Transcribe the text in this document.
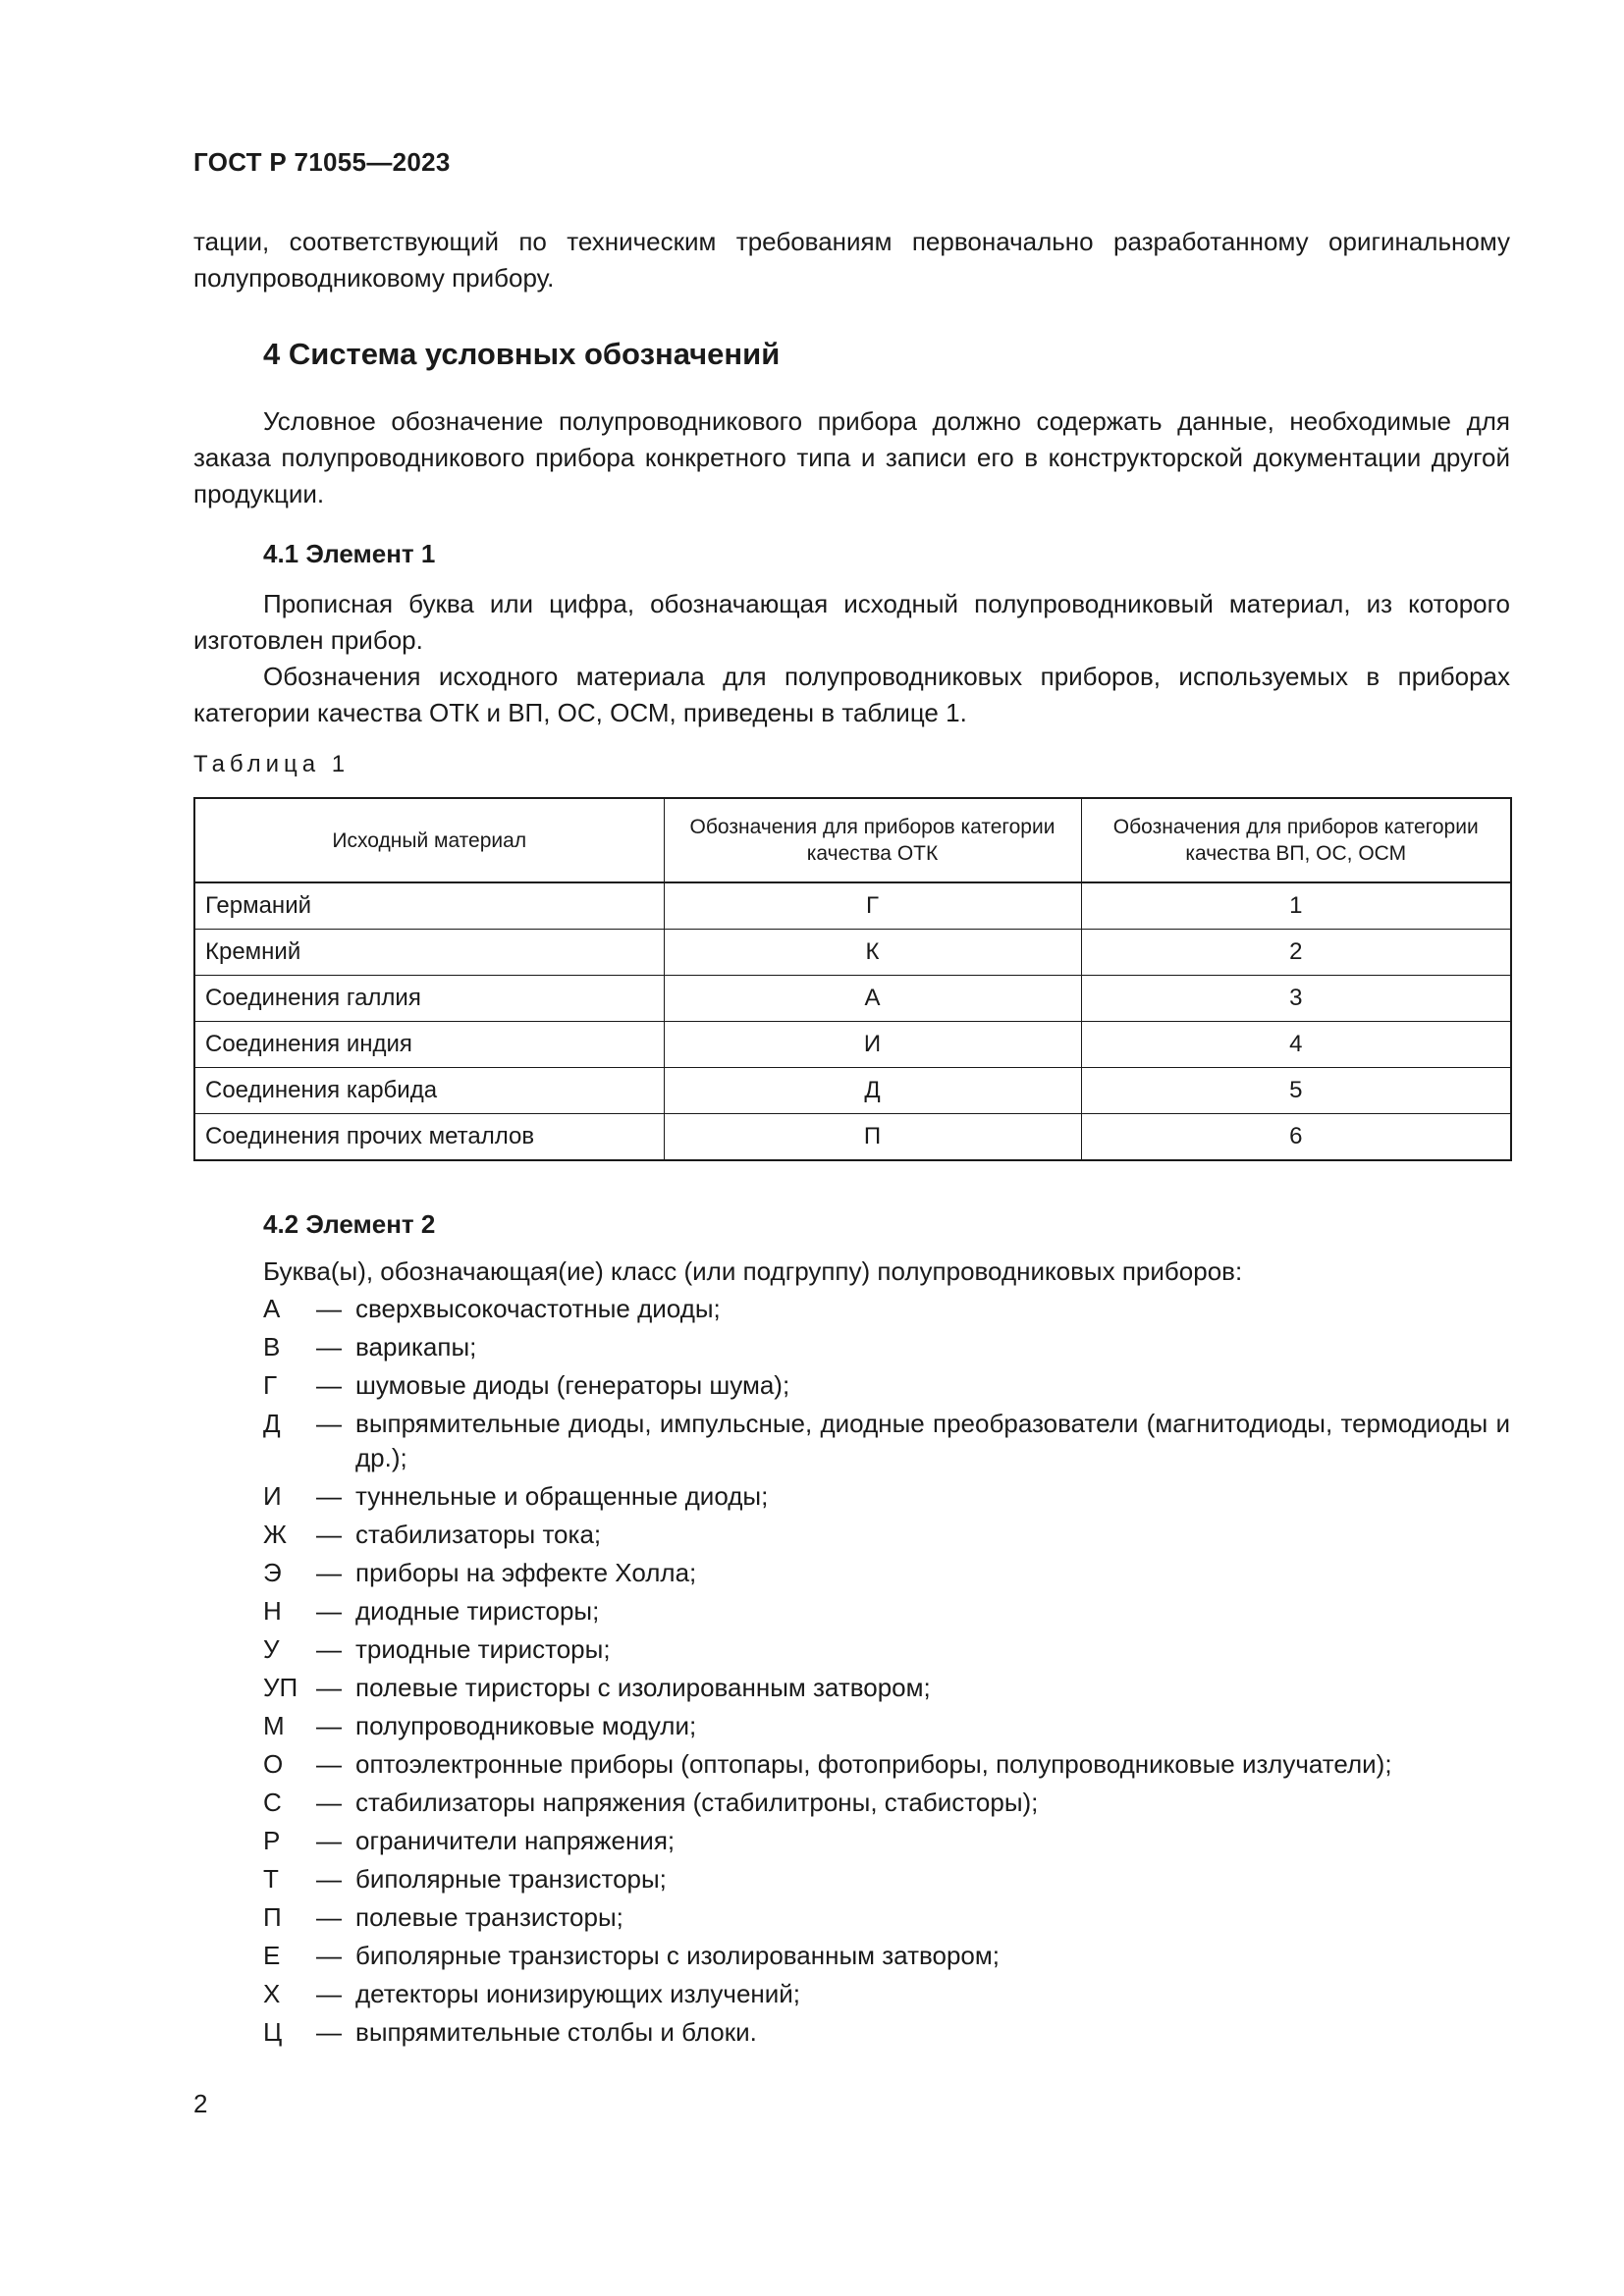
ГОСТ Р 71055—2023
тации, соответствующий по техническим требованиям первоначально разработанному оригинальному полупроводниковому прибору.
4 Система условных обозначений
Условное обозначение полупроводникового прибора должно содержать данные, необходимые для заказа полупроводникового прибора конкретного типа и записи его в конструкторской документации другой продукции.
4.1 Элемент 1
Прописная буква или цифра, обозначающая исходный полупроводниковый материал, из которого изготовлен прибор.
Обозначения исходного материала для полупроводниковых приборов, используемых в приборах категории качества ОТК и ВП, ОС, ОСМ, приведены в таблице 1.
Таблица 1
Исходный материал	Обозначения для приборов категории качества ОТК	Обозначения для приборов категории качества ВП, ОС, ОСМ
Германий	Г	1
Кремний	К	2
Соединения галлия	А	3
Соединения индия	И	4
Соединения карбида	Д	5
Соединения прочих металлов	П	6
4.2 Элемент 2
Буква(ы), обозначающая(ие) класс (или подгруппу) полупроводниковых приборов:
А	— сверхвысокочастотные диоды;
В	— варикапы;
Г	— шумовые диоды (генераторы шума);
Д	— выпрямительные диоды, импульсные, диодные преобразователи (магнитодиоды, термодиоды и др.);
И	— туннельные и обращенные диоды;
Ж	— стабилизаторы тока;
Э	— приборы на эффекте Холла;
Н	— диодные тиристоры;
У	— триодные тиристоры;
УП — полевые тиристоры с изолированным затвором;
М	— полупроводниковые модули;
О	— оптоэлектронные приборы (оптопары, фотоприборы, полупроводниковые излучатели);
С	— стабилизаторы напряжения (стабилитроны, стабисторы);
Р	— ограничители напряжения;
Т	— биполярные транзисторы;
П	— полевые транзисторы;
Е	— биполярные транзисторы с изолированным затвором;
Х	— детекторы ионизирующих излучений;
Ц	— выпрямительные столбы и блоки.
2
